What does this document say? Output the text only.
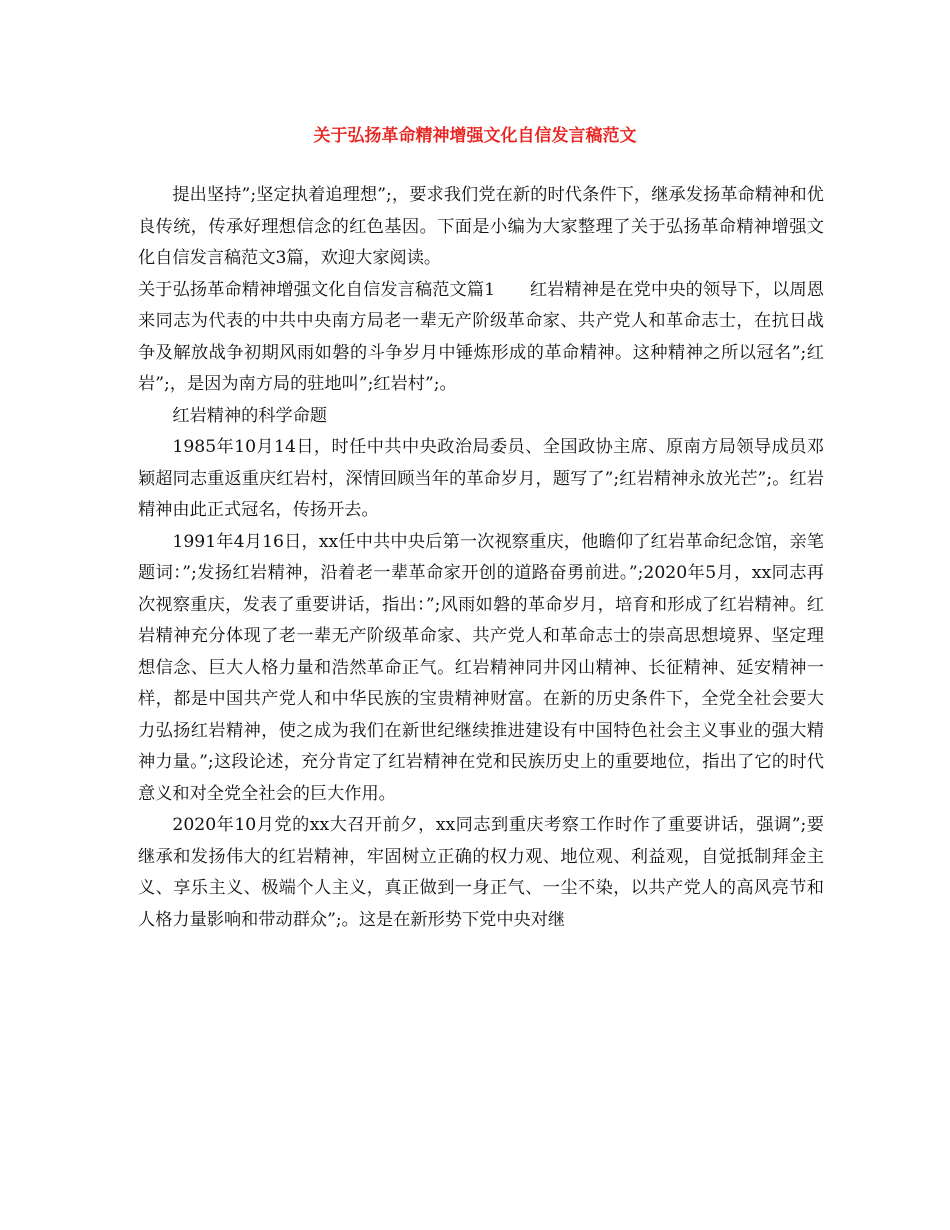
关于弘扬革命精神增强文化自信发言稿范文

提出坚持”;坚定执着追理想”;，要求我们党在新的时代条件下，继承发扬革命精神和优良传统，传承好理想信念的红色基因。下面是小编为大家整理了关于弘扬革命精神增强文化自信发言稿范文3篇，欢迎大家阅读。

关于弘扬革命精神增强文化自信发言稿范文篇1　　红岩精神是在党中央的领导下，以周恩来同志为代表的中共中央南方局老一辈无产阶级革命家、共产党人和革命志士，在抗日战争及解放战争初期风雨如磐的斗争岁月中锤炼形成的革命精神。这种精神之所以冠名”;红岩”;，是因为南方局的驻地叫”;红岩村”;。

红岩精神的科学命题

1985年10月14日，时任中共中央政治局委员、全国政协主席、原南方局领导成员邓颖超同志重返重庆红岩村，深情回顾当年的革命岁月，题写了”;红岩精神永放光芒”;。红岩精神由此正式冠名，传扬开去。

1991年4月16日，xx任中共中央后第一次视察重庆，他瞻仰了红岩革命纪念馆，亲笔题词：”;发扬红岩精神，沿着老一辈革命家开创的道路奋勇前进。”;2020年5月，xx同志再次视察重庆，发表了重要讲话，指出：”;风雨如磐的革命岁月，培育和形成了红岩精神。红岩精神充分体现了老一辈无产阶级革命家、共产党人和革命志士的崇高思想境界、坚定理想信念、巨大人格力量和浩然革命正气。红岩精神同井冈山精神、长征精神、延安精神一样，都是中国共产党人和中华民族的宝贵精神财富。在新的历史条件下，全党全社会要大力弘扬红岩精神，使之成为我们在新世纪继续推进建设有中国特色社会主义事业的强大精神力量。”;这段论述，充分肯定了红岩精神在党和民族历史上的重要地位，指出了它的时代意义和对全党全社会的巨大作用。

2020年10月党的xx大召开前夕，xx同志到重庆考察工作时作了重要讲话，强调”;要继承和发扬伟大的红岩精神，牢固树立正确的权力观、地位观、利益观，自觉抵制拜金主义、享乐主义、极端个人主义，真正做到一身正气、一尘不染，以共产党人的高风亮节和人格力量影响和带动群众”;。这是在新形势下党中央对继
